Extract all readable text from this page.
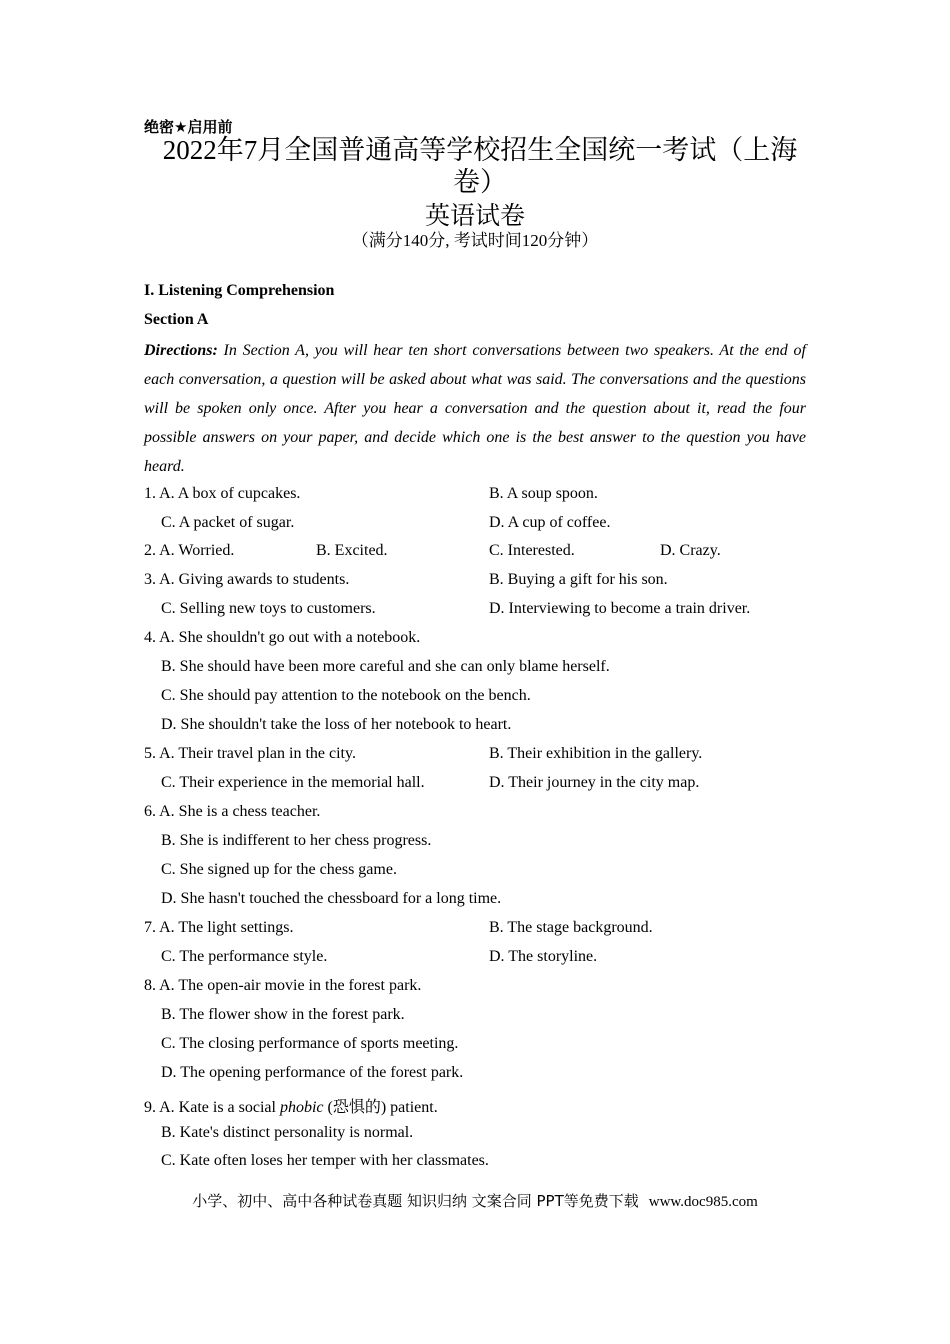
绝密★启用前
2022年7月全国普通高等学校招生全国统一考试（上海卷）
英语试卷
（满分140分, 考试时间120分钟）
I. Listening Comprehension
Section A
Directions: In Section A, you will hear ten short conversations between two speakers. At the end of each conversation, a question will be asked about what was said. The conversations and the questions will be spoken only once. After you hear a conversation and the question about it, read the four possible answers on your paper, and decide which one is the best answer to the question you have heard.
1. A. A box of cupcakes.	B. A soup spoon.
C. A packet of sugar.	D. A cup of coffee.
2. A. Worried.	B. Excited.	C. Interested.	D. Crazy.
3. A. Giving awards to students.	B. Buying a gift for his son.
C. Selling new toys to customers.	D. Interviewing to become a train driver.
4. A. She shouldn't go out with a notebook.
B. She should have been more careful and she can only blame herself.
C. She should pay attention to the notebook on the bench.
D. She shouldn't take the loss of her notebook to heart.
5. A. Their travel plan in the city.	B. Their exhibition in the gallery.
C. Their experience in the memorial hall.	D. Their journey in the city map.
6. A. She is a chess teacher.
B. She is indifferent to her chess progress.
C. She signed up for the chess game.
D. She hasn't touched the chessboard for a long time.
7. A. The light settings.	B. The stage background.
C. The performance style.	D. The storyline.
8. A. The open-air movie in the forest park.
B. The flower show in the forest park.
C. The closing performance of sports meeting.
D. The opening performance of the forest park.
9. A. Kate is a social phobic (恐惧的) patient.
B. Kate's distinct personality is normal.
C. Kate often loses her temper with her classmates.
小学、初中、高中各种试卷真题 知识归纳 文案合同 PPT等免费下载 www.doc985.com
